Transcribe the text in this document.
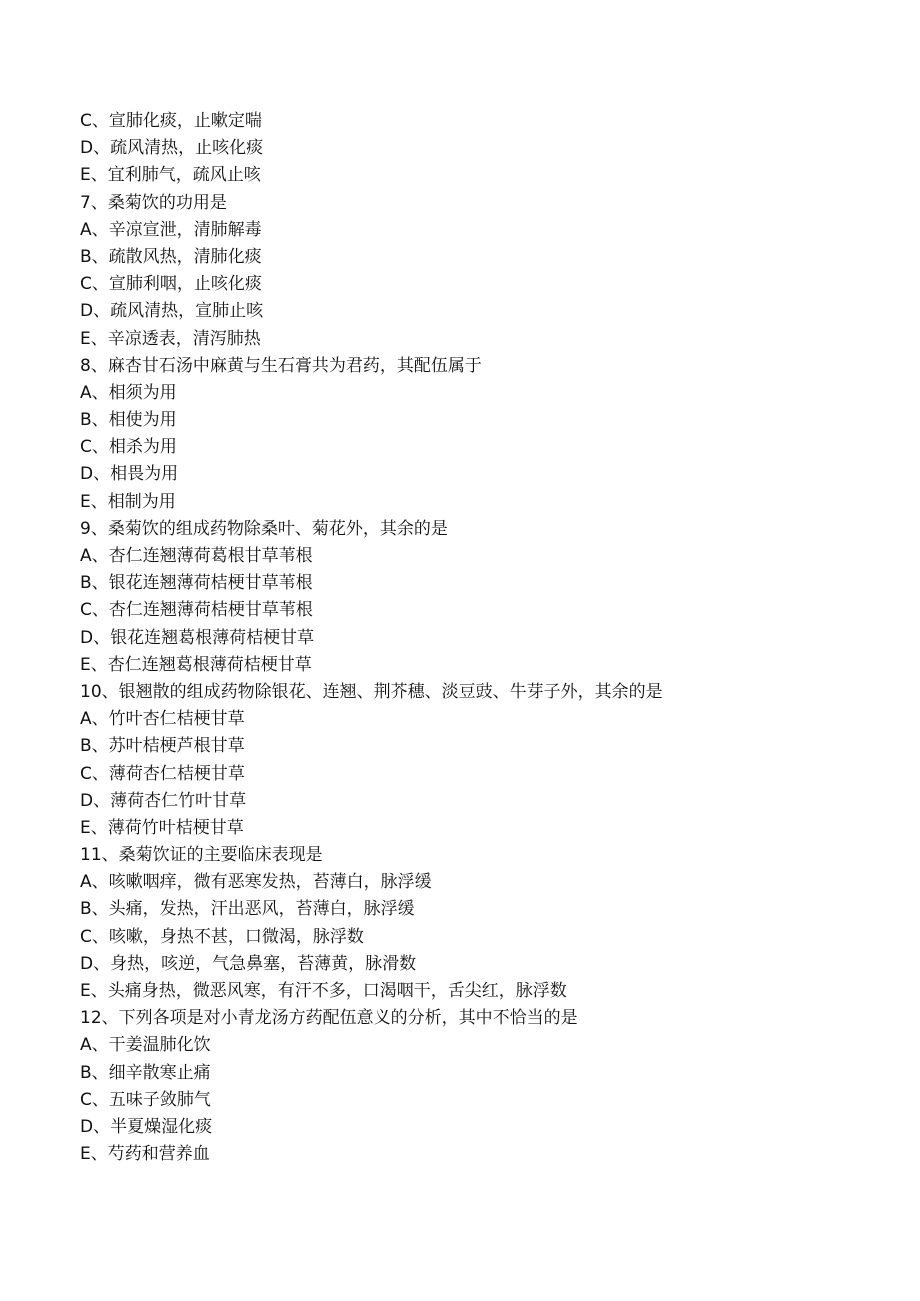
C、宣肺化痰，止嗽定喘
D、疏风清热，止咳化痰
E、宜利肺气，疏风止咳
7、桑菊饮的功用是
A、辛凉宣泄，清肺解毒
B、疏散风热，清肺化痰
C、宣肺利咽，止咳化痰
D、疏风清热，宣肺止咳
E、辛凉透表，清泻肺热
8、麻杏甘石汤中麻黄与生石膏共为君药，其配伍属于
A、相须为用
B、相使为用
C、相杀为用
D、相畏为用
E、相制为用
9、桑菊饮的组成药物除桑叶、菊花外，其余的是
A、杏仁连翘薄荷葛根甘草苇根
B、银花连翘薄荷桔梗甘草苇根
C、杏仁连翘薄荷桔梗甘草苇根
D、银花连翘葛根薄荷桔梗甘草
E、杏仁连翘葛根薄荷桔梗甘草
10、银翘散的组成药物除银花、连翘、荆芥穗、淡豆豉、牛芽子外，其余的是
A、竹叶杏仁桔梗甘草
B、苏叶桔梗芦根甘草
C、薄荷杏仁桔梗甘草
D、薄荷杏仁竹叶甘草
E、薄荷竹叶桔梗甘草
11、桑菊饮证的主要临床表现是
A、咳嗽咽痒，微有恶寒发热，苔薄白，脉浮缓
B、头痛，发热，汗出恶风，苔薄白，脉浮缓
C、咳嗽，身热不甚，口微渴，脉浮数
D、身热，咳逆，气急鼻塞，苔薄黄，脉滑数
E、头痛身热，微恶风寒，有汗不多，口渴咽干，舌尖红，脉浮数
12、下列各项是对小青龙汤方药配伍意义的分析，其中不恰当的是
A、干姜温肺化饮
B、细辛散寒止痛
C、五味子敛肺气
D、半夏燥湿化痰
E、芍药和营养血
